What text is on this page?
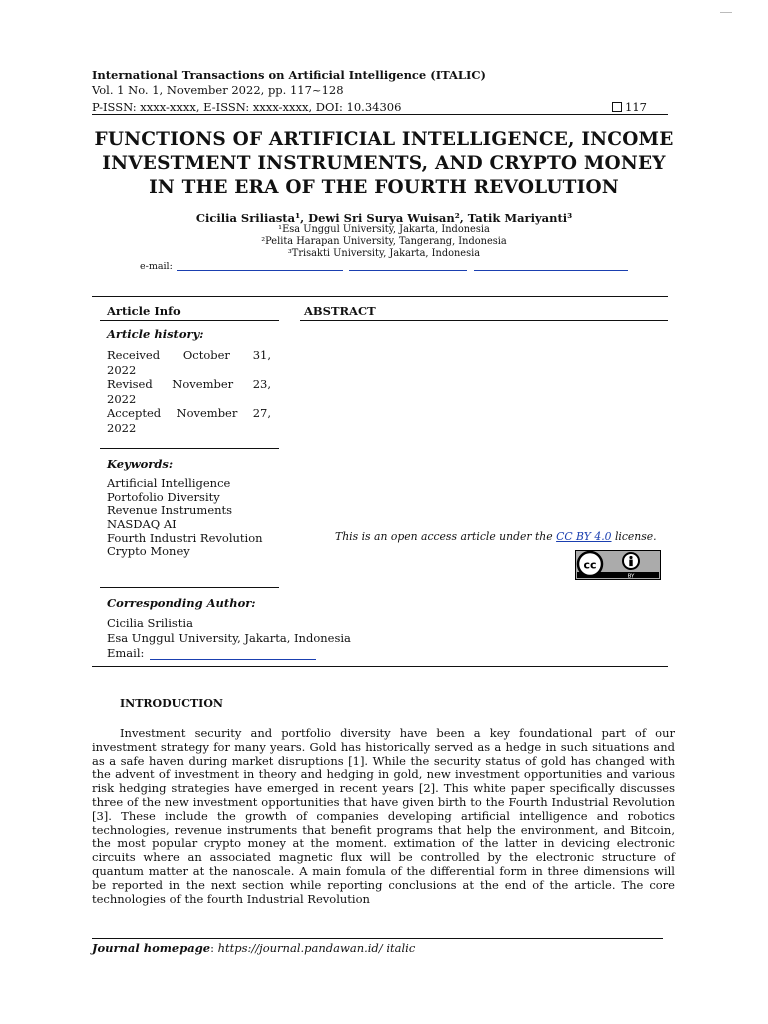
International Transactions on Artificial Intelligence (ITALIC)
Vol. 1 No. 1, November 2022, pp. 117~128
P-ISSN: xxxx-xxxx, E-ISSN: xxxx-xxxx, DOI: 10.34306	117
FUNCTIONS OF ARTIFICIAL INTELLIGENCE, INCOME
INVESTMENT INSTRUMENTS, AND CRYPTO MONEY
IN THE ERA OF THE FOURTH REVOLUTION
Cicilia Sriliasta¹, Dewi Sri Surya Wuisan², Tatik Mariyanti³
¹Esa Unggul University, Jakarta, Indonesia
²Pelita Harapan University, Tangerang, Indonesia
³Trisakti University, Jakarta, Indonesia
e-mail:
Article Info	ABSTRACT
Article history:
Received October 31,
2022
Revised November 23,
2022
Accepted November 27,
2022
Keywords:
Artificial Intelligence
Portofolio Diversity
Revenue Instruments
NASDAQ AI
Fourth Industri Revolution
Crypto Money
This is an open access article under the CC BY 4.0 license.
cc
BY
Corresponding Author:
Cicilia Srilistia
Esa Unggul University, Jakarta, Indonesia
Email:
INTRODUCTION
Investment security and portfolio diversity have been a key foundational part of our investment strategy for many years. Gold has historically served as a hedge in such situations and as a safe haven during market disruptions [1]. While the security status of gold has changed with the advent of investment in theory and hedging in gold, new investment opportunities and various risk hedging strategies have emerged in recent years [2]. This white paper specifically discusses three of the new investment opportunities that have given birth to the Fourth Industrial Revolution [3]. These include the growth of companies developing artificial intelligence and robotics technologies, revenue instruments that benefit programs that help the environment, and Bitcoin, the most popular crypto money at the moment. extimation of the latter in devicing electronic circuits where an associated magnetic flux will be controlled by the electronic structure of quantum matter at the nanoscale. A main fomula of the differential form in three dimensions will be reported in the next section while reporting conclusions at the end of the article. The core technologies of the fourth Industrial Revolution
Journal homepage: https://journal.pandawan.id/ italic
